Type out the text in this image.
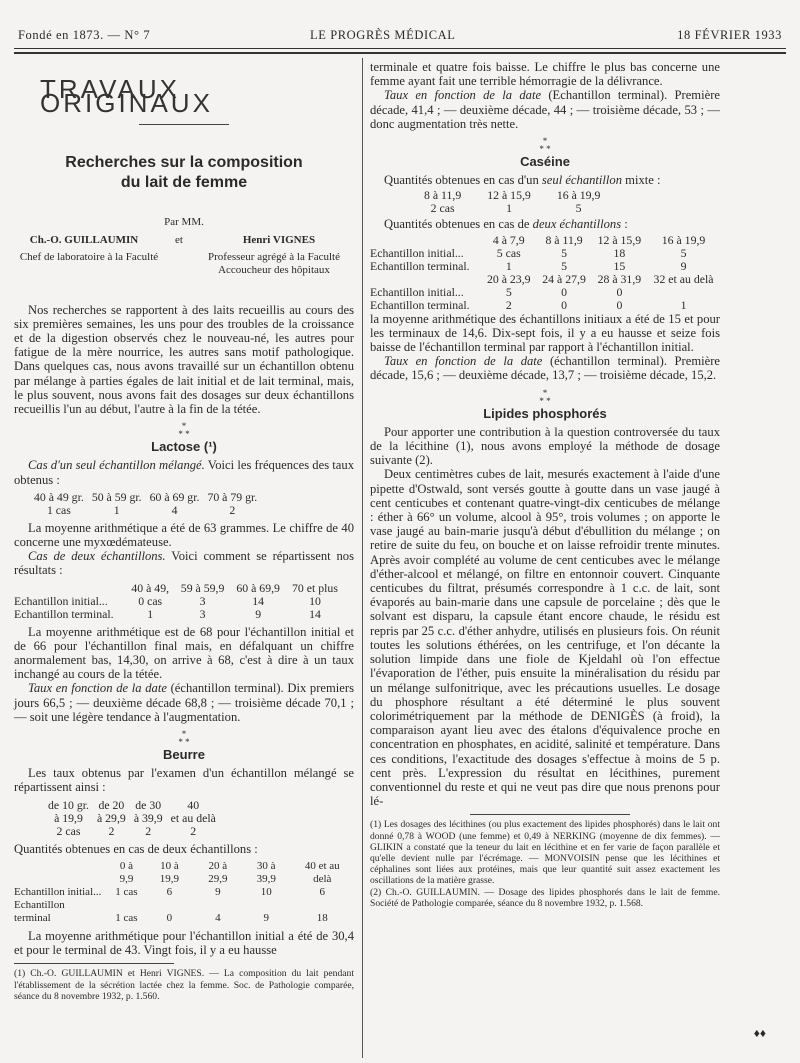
Fondé en 1873. — N° 7	LE PROGRÈS MÉDICAL	18 FÉVRIER 1933
TRAVAUX ORIGINAUX
Recherches sur la composition
du lait de femme
Par MM.
Ch.-O. GUILLAUMIN	et	Henri VIGNES
Chef de laboratoire à la Faculté	Professeur agrégé à la Faculté
Accoucheur des hôpitaux

Nos recherches se rapportent à des laits recueillis au cours des six premières semaines, les uns pour des troubles de la croissance et de la digestion observés chez le nouveau-né, les autres pour fatigue de la mère nourrice, les autres sans motif pathologique. Dans quelques cas, nous avons travaillé sur un échantillon obtenu par mélange à parties égales de lait initial et de lait terminal, mais, le plus souvent, nous avons fait des dosages sur deux échantillons recueillis l'un au début, l'autre à la fin de la tétée.

*
* *
Lactose (¹)

Cas d'un seul échantillon mélangé. Voici les fréquences des taux obtenus :

40 à 49 gr.	50 à 59 gr.	60 à 69 gr.	70 à 79 gr.
1 cas	1	4	2

La moyenne arithmétique a été de 63 grammes. Le chiffre de 40 concerne une myxœdémateuse.

Cas de deux échantillons. Voici comment se répartissent nos résultats :

	40 à 49,	59 à 59,9	60 à 69,9	70 et plus
Echantillon initial...	0 cas	3	14	10
Echantillon terminal.	1	3	9	14

La moyenne arithmétique est de 68 pour l'échantillon initial et de 66 pour l'échantillon final mais, en défalquant un chiffre anormalement bas, 14,30, on arrive à 68, c'est à dire à un taux inchangé au cours de la tétée.

Taux en fonction de la date (échantillon terminal). Dix premiers jours 66,5 ; — deuxième décade 68,8 ; — troisième décade 70,1 ; — soit une légère tendance à l'augmentation.

*
* *
Beurre

Les taux obtenus par l'examen d'un échantillon mélangé se répartissent ainsi :

de 10 gr.	de 20	de 30	40
à 19,9	à 29,9	à 39,9	et au delà
2 cas	2	2	2

Quantités obtenues en cas de deux échantillons :

	0 à 9,9	10 à 19,9	20 à 29,9	30 à 39,9	40 et au delà
Echantillon initial...	1 cas	6	9	10	6
Echantillon terminal	1 cas	0	4	9	18

La moyenne arithmétique pour l'échantillon initial a été de 30,4 et pour le terminal de 43. Vingt fois, il y a eu hausse

(1) Ch.-O. GUILLAUMIN et Henri VIGNES. — La composition du lait pendant l'établissement de la sécrétion lactée chez la femme. Soc. de Pathologie comparée, séance du 8 novembre 1932, p. 1.560.

terminale et quatre fois baisse. Le chiffre le plus bas concerne une femme ayant fait une terrible hémorragie de la délivrance.

Taux en fonction de la date (Echantillon terminal). Première décade, 41,4 ; — deuxième décade, 44 ; — troisième décade, 53 ; — donc augmentation très nette.

*
* *
Caséine

Quantités obtenues en cas d'un seul échantillon mixte :

8 à 11,9	12 à 15,9	16 à 19,9
2 cas	1	5

Quantités obtenues en cas de deux échantillons :

	4 à 7,9	8 à 11,9	12 à 15,9	16 à 19,9
Echantillon initial...	5 cas	5	18	5
Echantillon terminal.	1	5	15	9
	20 à 23,9	24 à 27,9	28 à 31,9	32 et au delà
Echantillon initial...	5	0	0	
Echantillon terminal.	2	0	0	1

la moyenne arithmétique des échantillons initiaux a été de 15 et pour les terminaux de 14,6. Dix-sept fois, il y a eu hausse et seize fois baisse de l'échantillon terminal par rapport à l'échantillon initial.

Taux en fonction de la date (échantillon terminal). Première décade, 15,6 ; — deuxième décade, 13,7 ; — troisième décade, 15,2.

*
* *
Lipides phosphorés

Pour apporter une contribution à la question controversée du taux de la lécithine (1), nous avons employé la méthode de dosage suivante (2).

Deux centimètres cubes de lait, mesurés exactement à l'aide d'une pipette d'Ostwald, sont versés goutte à goutte dans un vase jaugé à cent centicubes et contenant quatre-vingt-dix centicubes de mélange : éther à 66° un volume, alcool à 95°, trois volumes ; on apporte le vase jaugé au bain-marie jusqu'à début d'ébullition du mélange ; on retire de suite du feu, on bouche et on laisse refroidir trente minutes. Après avoir complété au volume de cent centicubes avec le mélange d'éther-alcool et mélangé, on filtre en entonnoir couvert. Cinquante centicubes du filtrat, présumés correspondre à 1 c.c. de lait, sont évaporés au bain-marie dans une capsule de porcelaine ; dès que le solvant est disparu, la capsule étant encore chaude, le résidu est repris par 25 c.c. d'éther anhydre, utilisés en plusieurs fois. On réunit toutes les solutions éthérées, on les centrifuge, et l'on décante la solution limpide dans une fiole de Kjeldahl où l'on effectue l'évaporation de l'éther, puis ensuite la minéralisation du résidu par un mélange sulfonitrique, avec les précautions usuelles. Le dosage du phosphore résultant a été déterminé le plus souvent colorimétriquement par la méthode de DENIGÈS (à froid), la comparaison ayant lieu avec des étalons d'équivalence proche en concentration en phosphates, en acidité, salinité et température. Dans ces conditions, l'exactitude des dosages s'effectue à moins de 5 p. cent près. L'expression du résultat en lécithines, purement conventionnel du reste et qui ne veut pas dire que nous prenons pour lé-

(1) Les dosages des lécithines (ou plus exactement des lipides phosphorés) dans le lait ont donné 0,78 à WOOD (une femme) et 0,49 à NERKING (moyenne de dix femmes). — GLIKIN a constaté que la teneur du lait en lécithine et en fer varie de façon parallèle et qu'elle devient nulle par l'écrémage. — MONVOISIN pense que les lécithines et céphalines sont liées aux protéines, mais que leur quantité suit assez exactement les oscillations de la matière grasse.

(2) Ch.-O. GUILLAUMIN. — Dosage des lipides phosphorés dans le lait de femme. Société de Pathologie comparée, séance du 8 novembre 1932, p. 1.568.

♦♦
